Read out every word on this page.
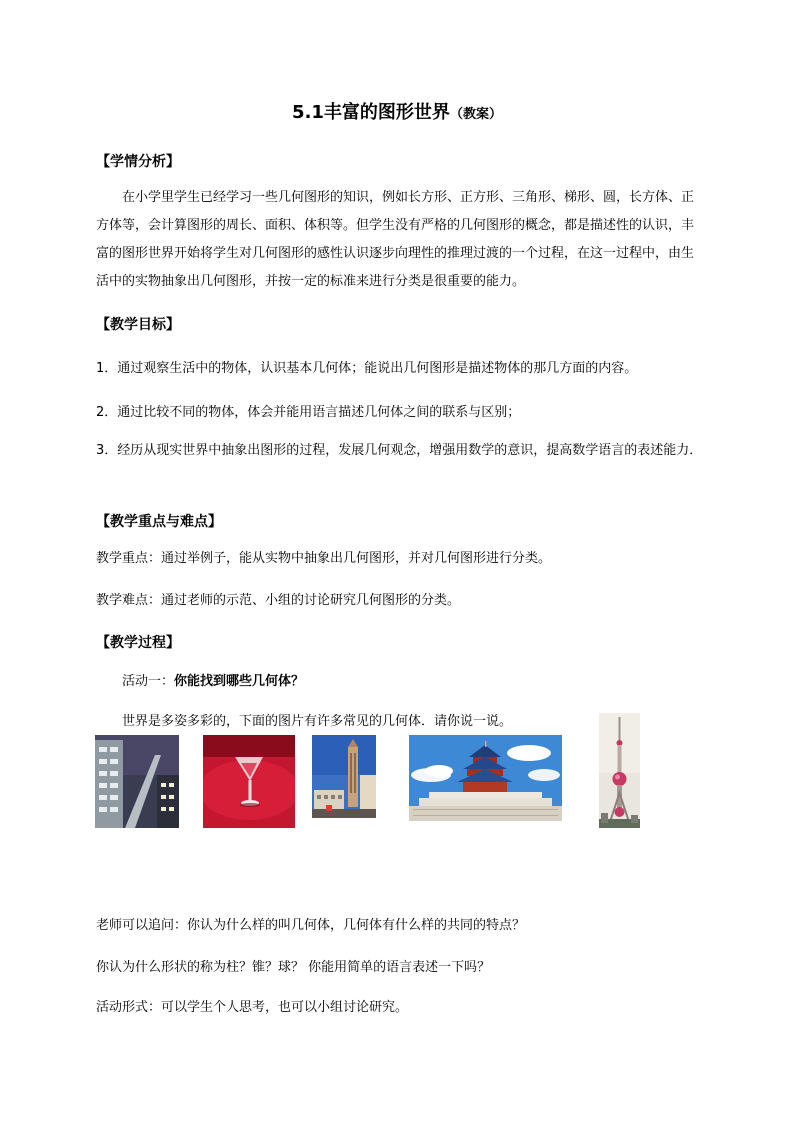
5.1丰富的图形世界（教案）
【学情分析】
在小学里学生已经学习一些几何图形的知识，例如长方形、正方形、三角形、梯形、圆，长方体、正方体等，会计算图形的周长、面积、体积等。但学生没有严格的几何图形的概念，都是描述性的认识，丰富的图形世界开始将学生对几何图形的感性认识逐步向理性的推理过渡的一个过程，在这一过程中，由生活中的实物抽象出几何图形，并按一定的标准来进行分类是很重要的能力。
【教学目标】
1．通过观察生活中的物体，认识基本几何体；能说出几何图形是描述物体的那几方面的内容。
2．通过比较不同的物体，体会并能用语言描述几何体之间的联系与区别；
3．经历从现实世界中抽象出图形的过程，发展几何观念，增强用数学的意识，提高数学语言的表述能力．
【教学重点与难点】
教学重点：通过举例子，能从实物中抽象出几何图形，并对几何图形进行分类。
教学难点：通过老师的示范、小组的讨论研究几何图形的分类。
【教学过程】
活动一：你能找到哪些几何体？
世界是多姿多彩的，下面的图片有许多常见的几何体．请你说一说。
老师可以追问：你认为什么样的叫几何体，几何体有什么样的共同的特点？
你认为什么形状的称为柱？锥？球？ 你能用简单的语言表述一下吗？
活动形式：可以学生个人思考，也可以小组讨论研究。
